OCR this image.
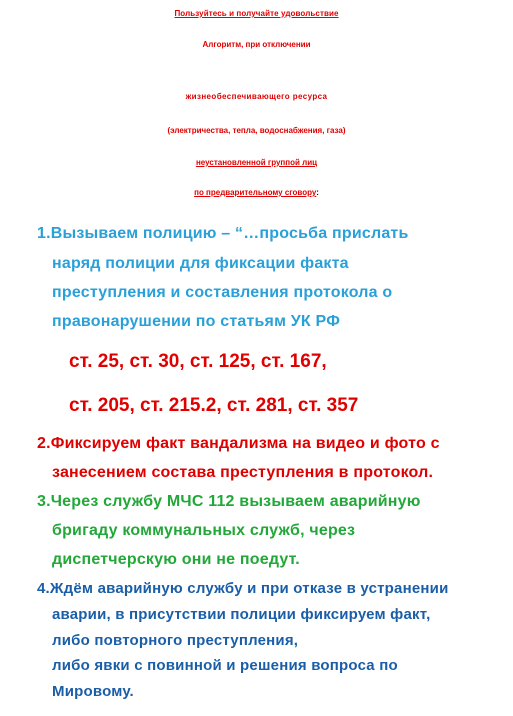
Пользуйтесь и получайте удовольствие
Алгоритм, при отключении
жизнеобеспечивающего ресурса
(электричества, тепла, водоснабжения, газа)
неустановленной группой лиц
по предварительному сговору:
1.Вызываем полицию – “…просьба прислать
наряд полиции для фиксации факта
преступления и составления протокола о
правонарушении по статьям УК РФ
ст. 25, ст. 30, ст. 125, ст. 167,
ст. 205, ст. 215.2, ст. 281, ст. 357
2.Фиксируем факт вандализма на видео и фото с
занесением состава преступления в протокол.
3.Через службу МЧС 112 вызываем аварийную
бригаду коммунальных служб, через
диспетчерскую они не поедут.
4.Ждём аварийную службу и при отказе в устранении
аварии, в присутствии полиции фиксируем факт,
либо повторного преступления,
либо явки с повинной и решения вопроса по
Мировому.
